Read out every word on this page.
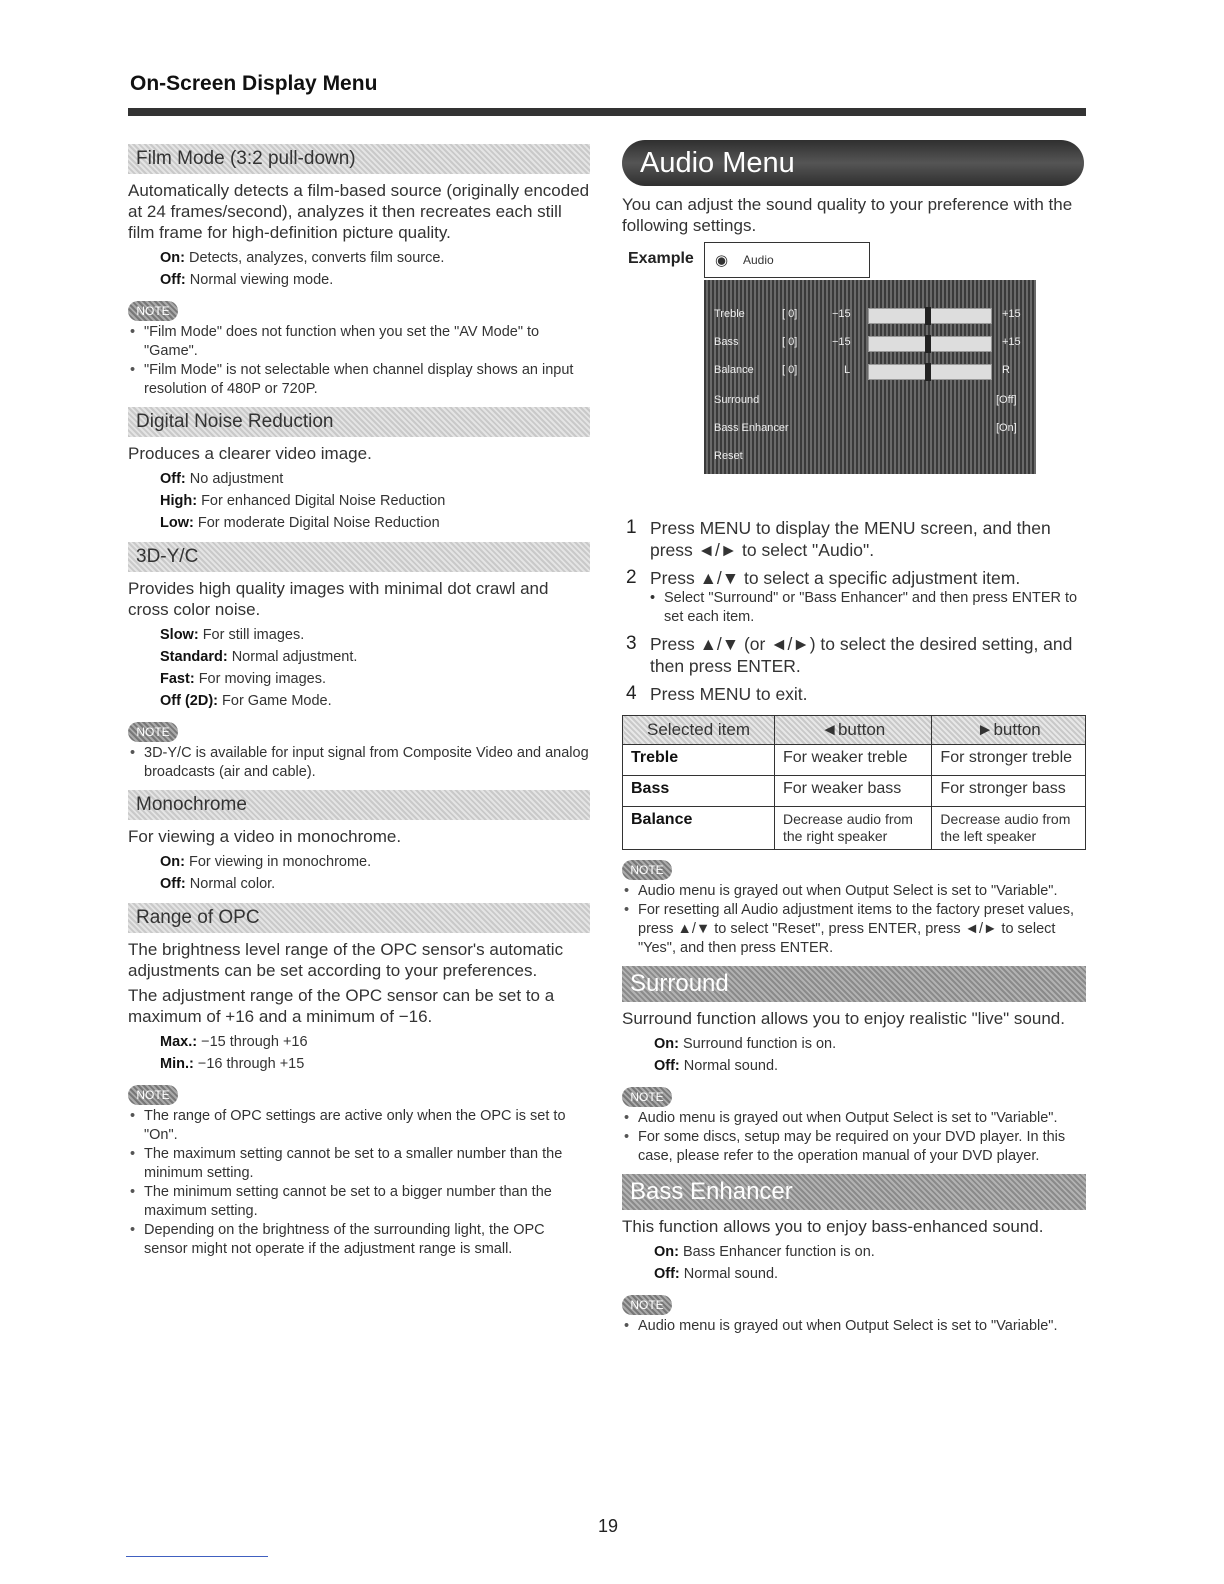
On-Screen Display Menu
Film Mode (3:2 pull-down)

Automatically detects a film-based source (originally encoded at 24 frames/second), analyzes it then recreates each still film frame for high-definition picture quality.

On: Detects, analyzes, converts film source.
Off: Normal viewing mode.
NOTE
• "Film Mode" does not function when you set the "AV Mode" to "Game".
• "Film Mode" is not selectable when channel display shows an input resolution of 480P or 720P.
Digital Noise Reduction

Produces a clearer video image.

Off: No adjustment
High: For enhanced Digital Noise Reduction
Low: For moderate Digital Noise Reduction
3D-Y/C

Provides high quality images with minimal dot crawl and cross color noise.

Slow: For still images.
Standard: Normal adjustment.
Fast: For moving images.
Off (2D): For Game Mode.
NOTE
• 3D-Y/C is available for input signal from Composite Video and analog broadcasts (air and cable).
Monochrome

For viewing a video in monochrome.

On: For viewing in monochrome.
Off: Normal color.
Range of OPC

The brightness level range of the OPC sensor's automatic adjustments can be set according to your preferences.

The adjustment range of the OPC sensor can be set to a maximum of +16 and a minimum of −16.

Max.: −15 through +16
Min.: −16 through +15
NOTE
• The range of OPC settings are active only when the OPC is set to "On".
• The maximum setting cannot be set to a smaller number than the minimum setting.
• The minimum setting cannot be set to a bigger number than the maximum setting.
• Depending on the brightness of the surrounding light, the OPC sensor might not operate if the adjustment range is small.
Audio Menu

You can adjust the sound quality to your preference with the following settings.

Example ◉ Audio
Treble	[ 0]	−15	+15
Bass	[ 0]	−15	+15
Balance	[ 0]	L	R
Surround	[Off]
Bass Enhancer	[On]
Reset
1 Press MENU to display the MENU screen, and then press ◄/► to select "Audio".
2 Press ▲/▼ to select a specific adjustment item.
• Select "Surround" or "Bass Enhancer" and then press ENTER to set each item.
3 Press ▲/▼ (or ◄/►) to select the desired setting, and then press ENTER.
4 Press MENU to exit.
Selected item	◄button	►button
Treble	For weaker treble	For stronger treble
Bass	For weaker bass	For stronger bass
Balance	Decrease audio from the right speaker	Decrease audio from the left speaker
NOTE
• Audio menu is grayed out when Output Select is set to "Variable".
• For resetting all Audio adjustment items to the factory preset values, press ▲/▼ to select "Reset", press ENTER, press ◄/► to select "Yes", and then press ENTER.
Surround

Surround function allows you to enjoy realistic "live" sound.

On: Surround function is on.
Off: Normal sound.
NOTE
• Audio menu is grayed out when Output Select is set to "Variable".
• For some discs, setup may be required on your DVD player. In this case, please refer to the operation manual of your DVD player.
Bass Enhancer

This function allows you to enjoy bass-enhanced sound.

On: Bass Enhancer function is on.
Off: Normal sound.
NOTE
• Audio menu is grayed out when Output Select is set to "Variable".
19
